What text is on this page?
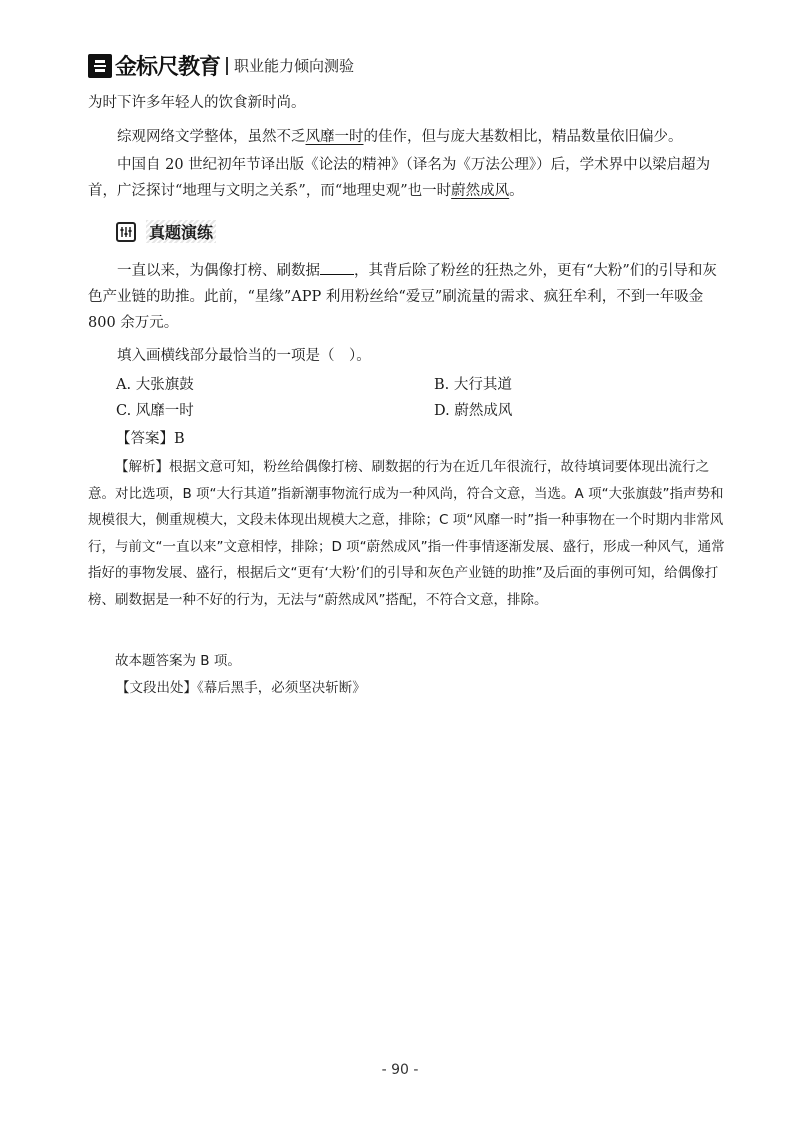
金标尺教育 职业能力倾向测验

为时下许多年轻人的饮食新时尚。

综观网络文学整体，虽然不乏风靡一时的佳作，但与庞大基数相比，精品数量依旧偏少。

中国自 20 世纪初年节译出版《论法的精神》（译名为《万法公理》）后，学术界中以梁启超为首，广泛探讨“地理与文明之关系”，而“地理史观”也一时蔚然成风。

真题演练

一直以来，为偶像打榜、刷数据 ，其背后除了粉丝的狂热之外，更有“大粉”们的引导和灰色产业链的助推。此前，“星缘”APP 利用粉丝给“爱豆”刷流量的需求、疯狂牟利，不到一年吸金 800 余万元。

填入画横线部分最恰当的一项是（　）。

A. 大张旗鼓	B. 大行其道
C. 风靡一时	D. 蔚然成风

【答案】B

【解析】根据文意可知，粉丝给偶像打榜、刷数据的行为在近几年很流行，故待填词要体现出流行之意。对比选项，B 项“大行其道”指新潮事物流行成为一种风尚，符合文意，当选。A 项“大张旗鼓”指声势和规模很大，侧重规模大，文段未体现出规模大之意，排除；C 项“风靡一时”指一种事物在一个时期内非常风行，与前文“一直以来”文意相悖，排除；D 项“蔚然成风”指一件事情逐渐发展、盛行，形成一种风气，通常指好的事物发展、盛行，根据后文“更有‘大粉’们的引导和灰色产业链的助推”及后面的事例可知，给偶像打榜、刷数据是一种不好的行为，无法与“蔚然成风”搭配，不符合文意，排除。

故本题答案为 B 项。

【文段出处】《幕后黑手，必须坚决斩断》

- 90 -
